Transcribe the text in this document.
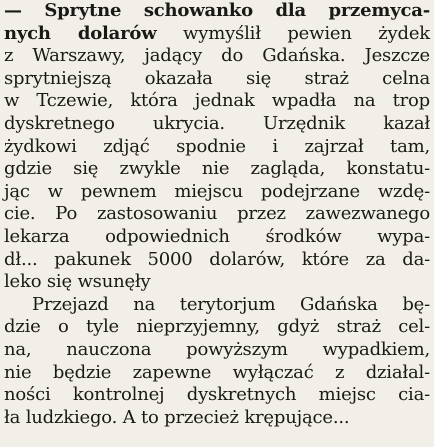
— Sprytne schowanko dla przemyca-
nych dolarów wymyślił pewien żydek
z Warszawy, jadący do Gdańska. Jeszcze
sprytniejszą okazała się straż celna
w Tczewie, która jednak wpadła na trop
dyskretnego ukrycia. Urzędnik kazał
żydkowi zdjąć spodnie i zajrzał tam,
gdzie się zwykle nie zagląda, konstatu-
jąc w pewnem miejscu podejrzane wzdę-
cie. Po zastosowaniu przez zawezwanego
lekarza odpowiednich środków wypa-
dł... pakunek 5000 dolarów, które za da-
leko się wsunęły
Przejazd na terytorjum Gdańska bę-
dzie o tyle nieprzyjemny, gdyż straż cel-
na, nauczona powyższym wypadkiem,
nie będzie zapewne wyłączać z działal-
ności kontrolnej dyskretnych miejsc cia-
ła ludzkiego. A to przecież krępujące...
